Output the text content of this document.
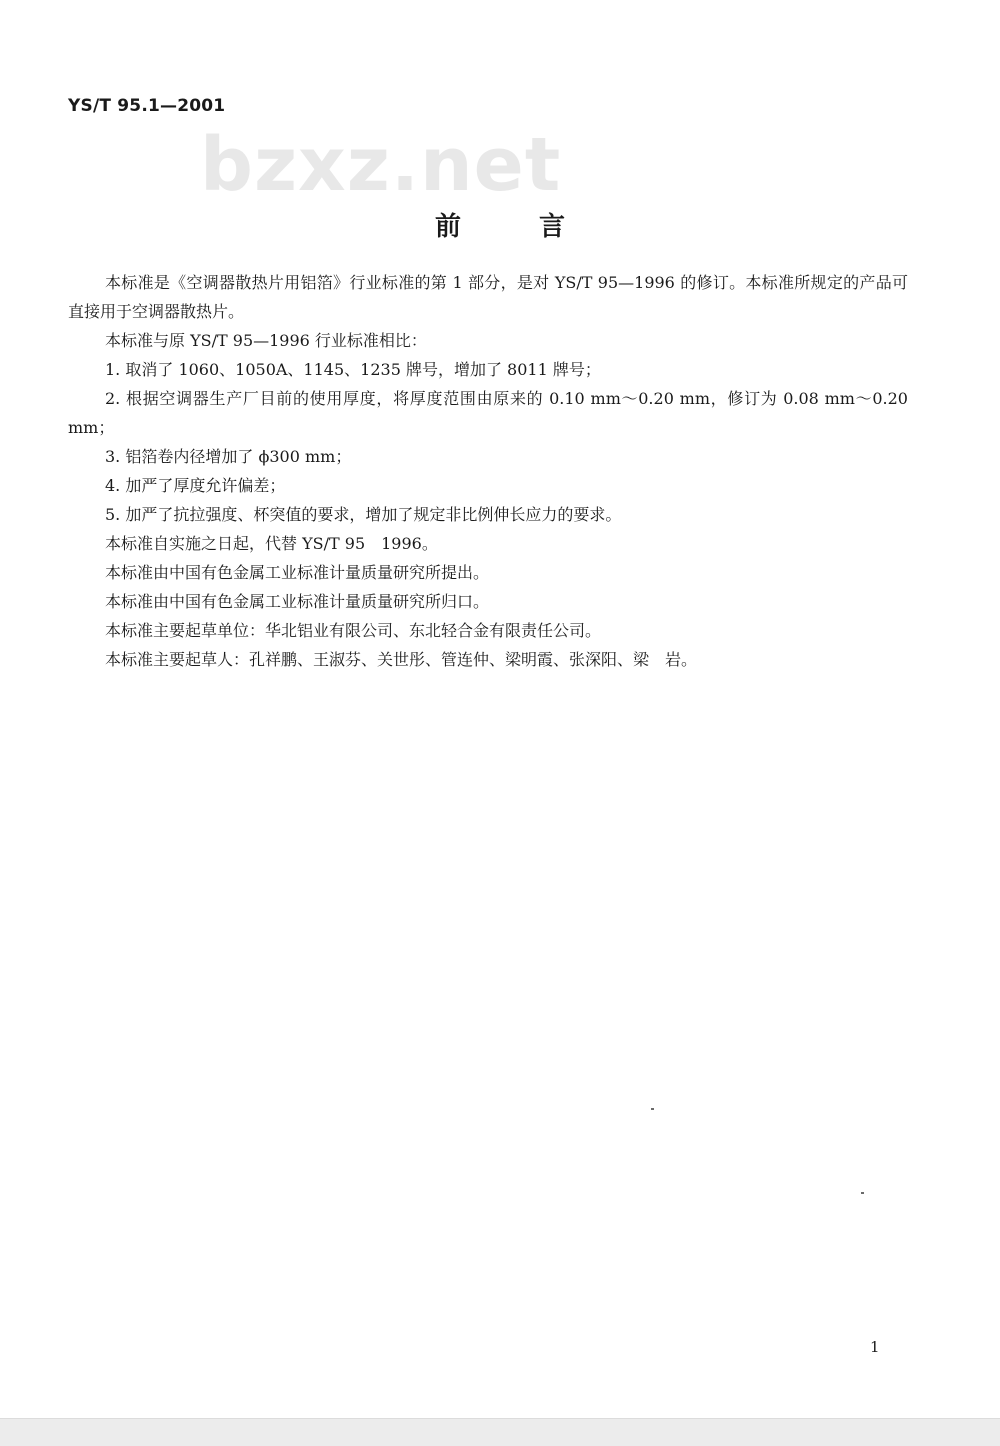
YS/T 95.1—2001
bzxz.net
前言

本标准是《空调器散热片用铝箔》行业标准的第 1 部分，是对 YS/T 95—1996 的修订。本标准所规定的产品可直接用于空调器散热片。

本标准与原 YS/T 95—1996 行业标准相比：

1. 取消了 1060、1050A、1145、1235 牌号，增加了 8011 牌号；

2. 根据空调器生产厂目前的使用厚度，将厚度范围由原来的 0.10 mm～0.20 mm，修订为 0.08 mm～0.20 mm；

3. 铝箔卷内径增加了 ϕ300 mm；

4. 加严了厚度允许偏差；

5. 加严了抗拉强度、杯突值的要求，增加了规定非比例伸长应力的要求。

本标准自实施之日起，代替 YS/T 95　1996。

本标准由中国有色金属工业标准计量质量研究所提出。

本标准由中国有色金属工业标准计量质量研究所归口。

本标准主要起草单位：华北铝业有限公司、东北轻合金有限责任公司。

本标准主要起草人：孔祥鹏、王淑芬、关世彤、管连仲、梁明霞、张深阳、梁　岩。

1
